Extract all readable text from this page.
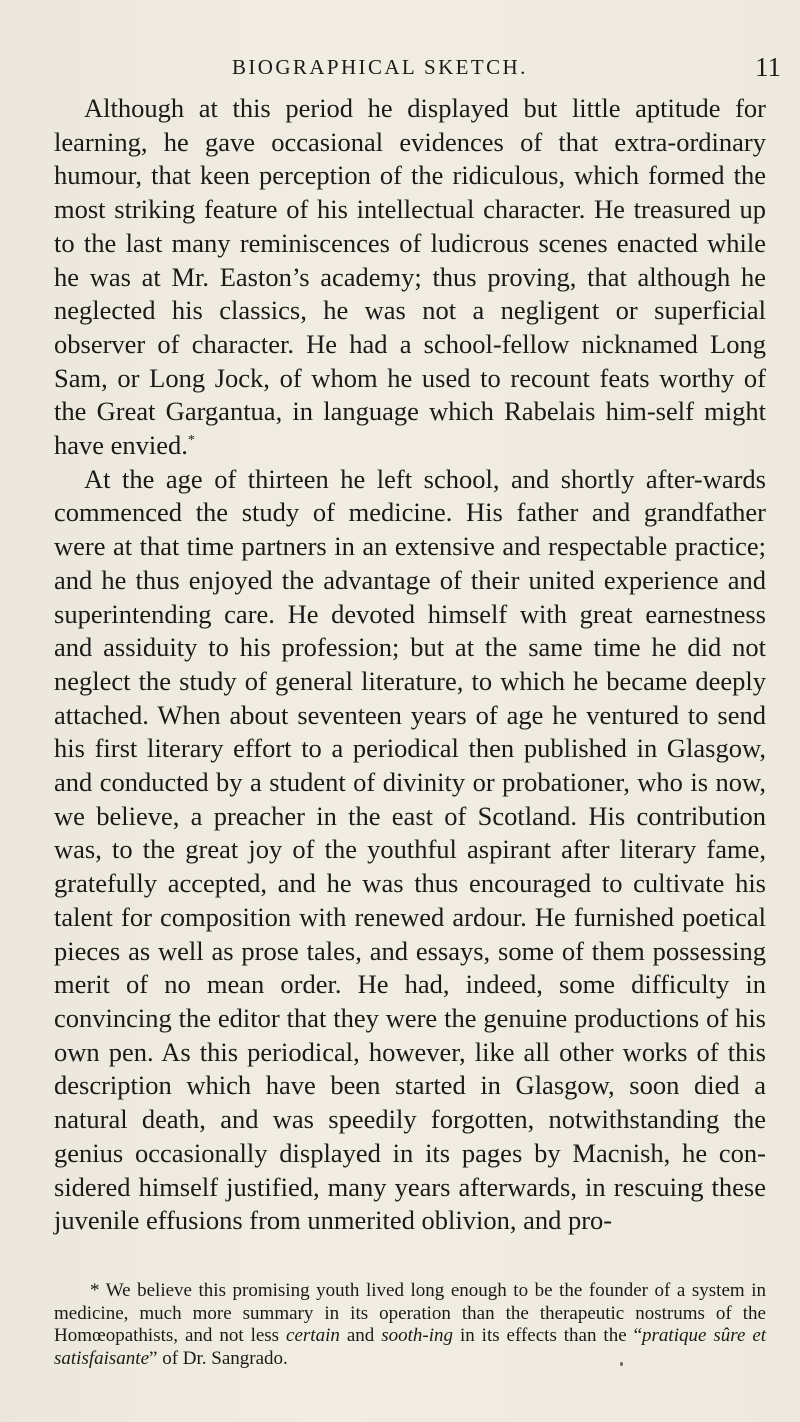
BIOGRAPHICAL SKETCH.	11

Although at this period he displayed but little aptitude for learning, he gave occasional evidences of that extra-ordinary humour, that keen perception of the ridiculous, which formed the most striking feature of his intellectual character. He treasured up to the last many reminiscences of ludicrous scenes enacted while he was at Mr. Easton’s academy; thus proving, that although he neglected his classics, he was not a negligent or superficial observer of character. He had a school-fellow nicknamed Long Sam, or Long Jock, of whom he used to recount feats worthy of the Great Gargantua, in language which Rabelais him-self might have envied.*

At the age of thirteen he left school, and shortly after-wards commenced the study of medicine. His father and grandfather were at that time partners in an extensive and respectable practice; and he thus enjoyed the advantage of their united experience and superintending care. He devoted himself with great earnestness and assiduity to his profession; but at the same time he did not neglect the study of general literature, to which he became deeply attached. When about seventeen years of age he ventured to send his first literary effort to a periodical then published in Glasgow, and conducted by a student of divinity or probationer, who is now, we believe, a preacher in the east of Scotland. His contribution was, to the great joy of the youthful aspirant after literary fame, gratefully accepted, and he was thus encouraged to cultivate his talent for composition with renewed ardour. He furnished poetical pieces as well as prose tales, and essays, some of them possessing merit of no mean order. He had, indeed, some difficulty in convincing the editor that they were the genuine productions of his own pen. As this periodical, however, like all other works of this description which have been started in Glasgow, soon died a natural death, and was speedily forgotten, notwithstanding the genius occasionally displayed in its pages by Macnish, he con-sidered himself justified, many years afterwards, in rescuing these juvenile effusions from unmerited oblivion, and pro-

* We believe this promising youth lived long enough to be the founder of a system in medicine, much more summary in its operation than the therapeutic nostrums of the Homœopathists, and not less certain and sooth-ing in its effects than the “pratique sûre et satisfaisante” of Dr. Sangrado.
